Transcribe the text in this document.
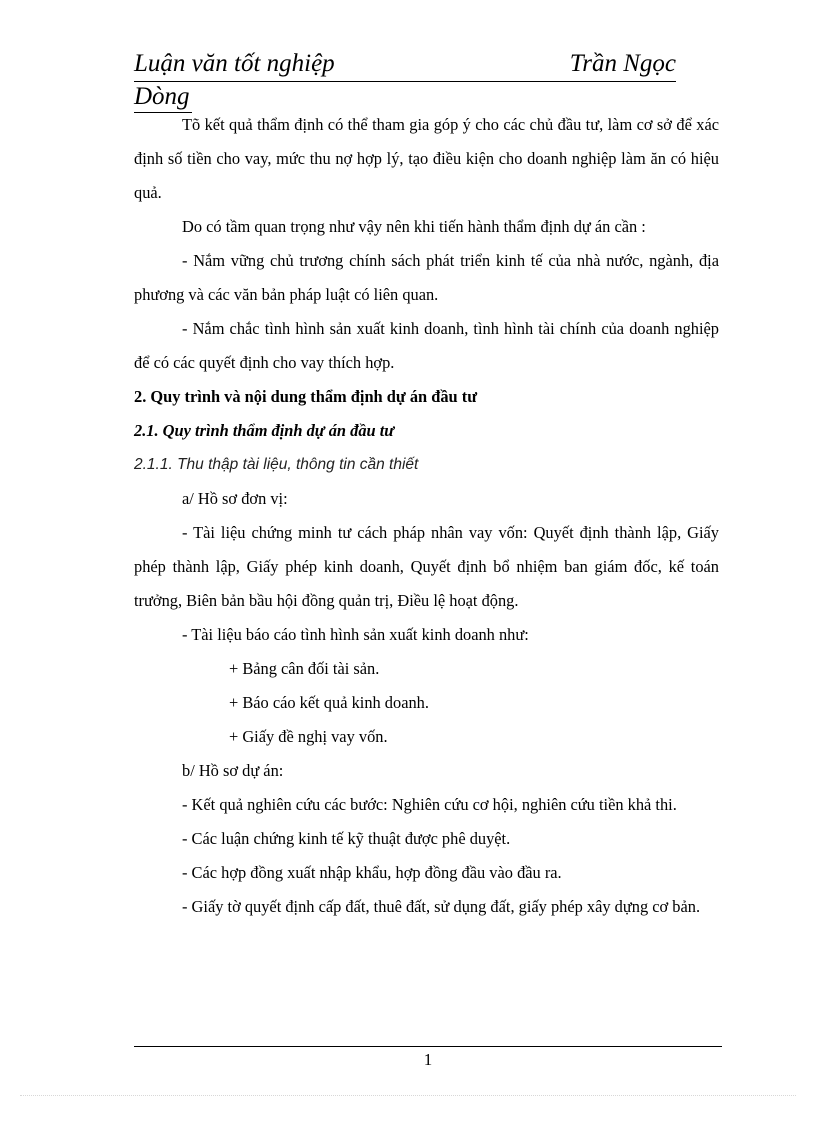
Luận văn tốt nghiệp	Trần Ngọc
Dòng

Tõ kết quả thẩm định có thể tham gia góp ý cho các chủ đầu tư, làm cơ sở để xác định số tiền cho vay, mức thu nợ hợp lý, tạo điều kiện cho doanh nghiệp làm ăn có hiệu quả.

Do có tầm quan trọng như vậy nên khi tiến hành thẩm định dự án cần :

- Nắm vững chủ trương chính sách phát triển kinh tế của nhà nước, ngành, địa phương và các văn bản pháp luật có liên quan.

- Nắm chắc tình hình sản xuất kinh doanh, tình hình tài chính của doanh nghiệp để có các quyết định cho vay thích hợp.

2. Quy trình và nội dung thẩm định dự án đầu tư

2.1. Quy trình thẩm định dự án đầu tư

2.1.1. Thu thập tài liệu, thông tin cần thiết

a/ Hồ sơ đơn vị:

- Tài liệu chứng minh tư cách pháp nhân vay vốn: Quyết định thành lập, Giấy phép thành lập, Giấy phép kinh doanh, Quyết định bổ nhiệm ban giám đốc, kế toán trưởng, Biên bản bầu hội đồng quản trị, Điều lệ hoạt động.

- Tài liệu báo cáo tình hình sản xuất kinh doanh như:

+ Bảng cân đối tài sản.

+ Báo cáo kết quả kinh doanh.

+ Giấy đề nghị vay vốn.

b/ Hồ sơ dự án:

- Kết quả nghiên cứu các bước: Nghiên cứu cơ hội, nghiên cứu tiền khả thi.

- Các luận chứng kinh tế kỹ thuật được phê duyệt.

- Các hợp đồng xuất nhập khẩu, hợp đồng đầu vào đầu ra.

- Giấy tờ quyết định cấp đất, thuê đất, sử dụng đất, giấy phép xây dựng cơ bản.

1
